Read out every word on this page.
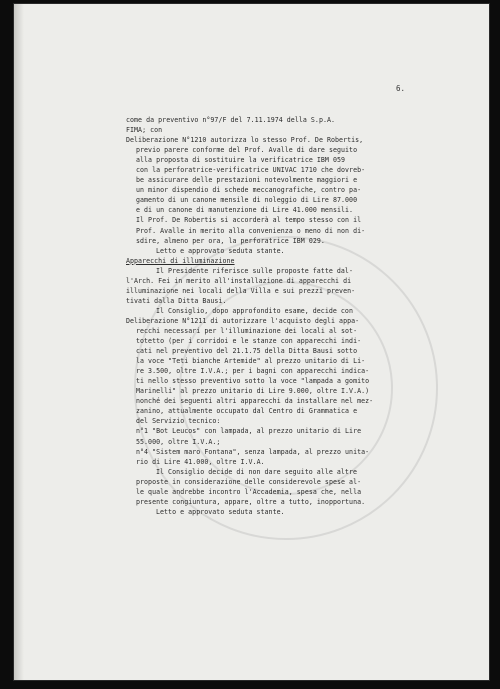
6.
come da preventivo n°97/F del 7.11.1974 della S.p.A.
FIMA; con
Deliberazione N°1210 autorizza lo stesso Prof. De Robertis,
previo parere conforme del Prof. Avalle di dare seguito
alla proposta di sostituire la verificatrice IBM 059
con la perforatrice-verificatrice UNIVAC 1710 che dovreb-
be assicurare delle prestazioni notevolmente maggiori e
un minor dispendio di schede meccanografiche, contro pa-
gamento di un canone mensile di noleggio di Lire 87.000
e di un canone di manutenzione di Lire 41.000 mensili.
Il Prof. De Robertis si accorderà al tempo stesso con il
Prof. Avalle in merito alla convenienza o meno di non di-
sdire, almeno per ora, la perforatrice IBM 029.
Letto e approvato seduta stante.
Apparecchi di illuminazione
Il Presidente riferisce sulle proposte fatte dal-
l'Arch. Fei in merito all'installazione di apparecchi di
illuminazione nei locali della Villa e sui prezzi preven-
tivati dalla Ditta Bausi.
Il Consiglio, dopo approfondito esame, decide con
Deliberazione N°1211 di autorizzare l'acquisto degli appa-
recchi necessari per l'illuminazione dei locali al sot-
totetto (per i corridoi e le stanze con apparecchi indi-
cati nel preventivo del 21.1.75 della Ditta Bausi sotto
la voce "Teti bianche Artemide" al prezzo unitario di Li-
re 3.500, oltre I.V.A.; per i bagni con apparecchi indica-
ti nello stesso preventivo sotto la voce "lampada a gomito
Marinelli" al prezzo unitario di Lire 9.000, oltre I.V.A.)
nonché dei seguenti altri apparecchi da installare nel mez-
zanino, attualmente occupato dal Centro di Grammatica e
del Servizio tecnico:
n°1 "Bot Leucos" con lampada, al prezzo unitario di Lire
55.000, oltre I.V.A.;
n°4 "Sistem maro Fontana", senza lampada, al prezzo unita-
rio di Lire 41.000, oltre I.V.A.
Il Consiglio decide di non dare seguito alle altre
proposte in considerazione delle considerevole spese al-
le quale andrebbe incontro l'Accademia, spesa che, nella
presente congiuntura, appare, oltre a tutto, inopportuna.
Letto e approvato seduta stante.
